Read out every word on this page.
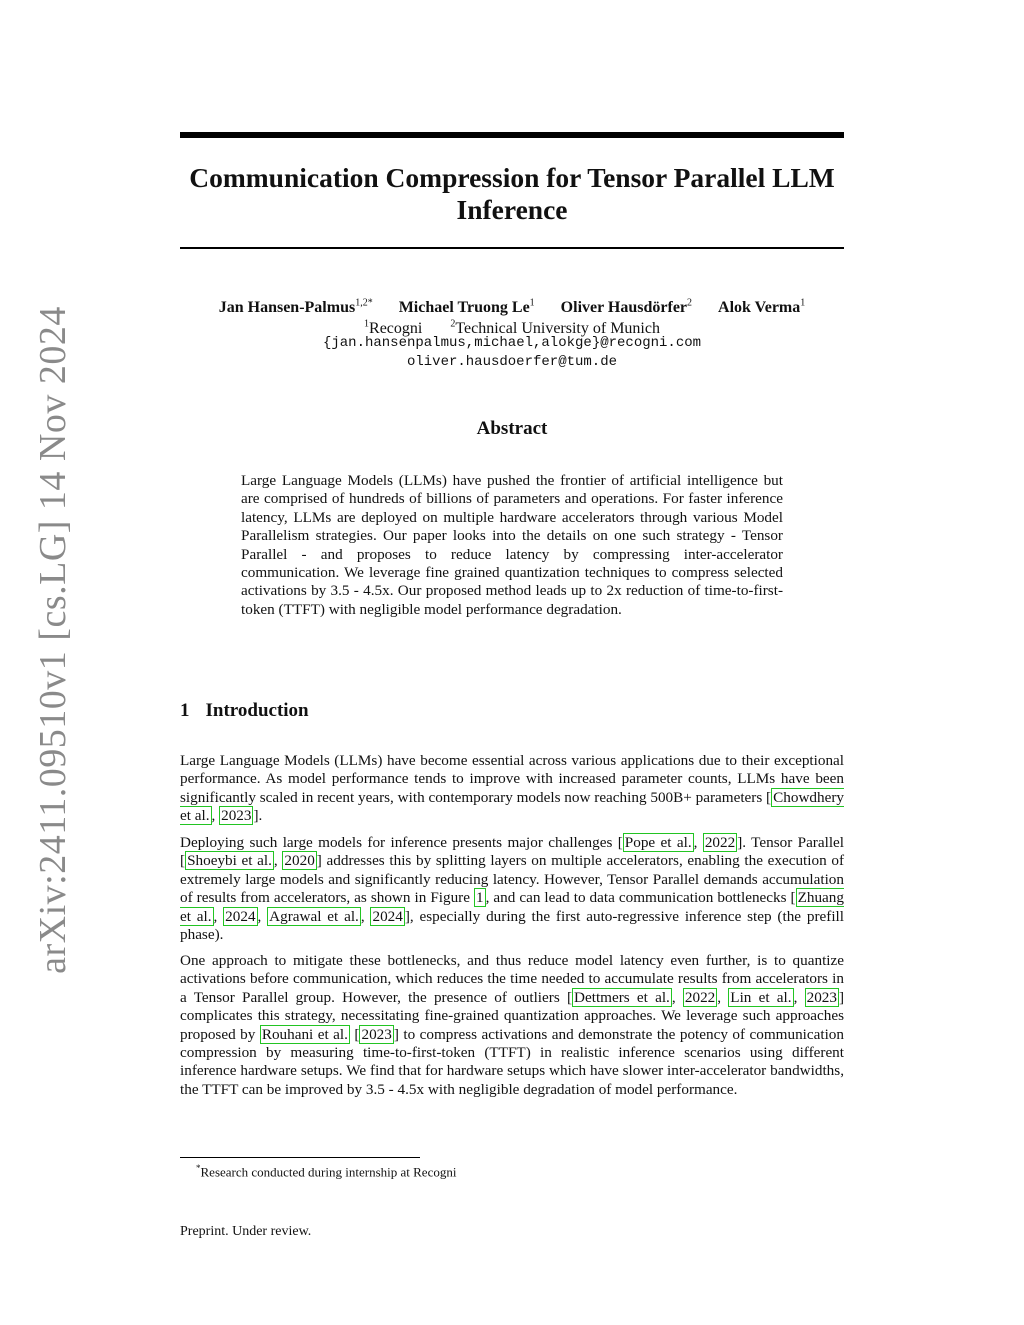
arXiv:2411.09510v1 [cs.LG] 14 Nov 2024
Communication Compression for Tensor Parallel LLM Inference
Jan Hansen-Palmus$^{1,2*}$ Michael Truong Le$^1$ Oliver Hausdörfer$^2$ Alok Verma$^1$
$^1$Recogni	$^2$Technical University of Munich
{jan.hansenpalmus,michael,alokge}@recogni.com
oliver.hausdoerfer@tum.de
Abstract
Large Language Models (LLMs) have pushed the frontier of artificial intelligence but are comprised of hundreds of billions of parameters and operations. For faster inference latency, LLMs are deployed on multiple hardware accelerators through various Model Parallelism strategies. Our paper looks into the details on one such strategy - Tensor Parallel - and proposes to reduce latency by compressing inter-accelerator communication. We leverage fine grained quantization techniques to compress selected activations by 3.5 - 4.5x. Our proposed method leads up to 2x reduction of time-to-first-token (TTFT) with negligible model performance degradation.
1 Introduction

Large Language Models (LLMs) have become essential across various applications due to their exceptional performance. As model performance tends to improve with increased parameter counts, LLMs have been significantly scaled in recent years, with contemporary models now reaching 500B+ parameters [ Chowdhery et al. , 2023 ].

Deploying such large models for inference presents major challenges [ Pope et al. , 2022 ]. Tensor Parallel [ Shoeybi et al. , 2020 ] addresses this by splitting layers on multiple accelerators, enabling the execution of extremely large models and significantly reducing latency. However, Tensor Parallel demands accumulation of results from accelerators, as shown in Figure 1 , and can lead to data communication bottlenecks [ Zhuang et al. , 2024 , Agrawal et al. , 2024 ], especially during the first auto-regressive inference step (the prefill phase).

One approach to mitigate these bottlenecks, and thus reduce model latency even further, is to quantize activations before communication, which reduces the time needed to accumulate results from accelerators in a Tensor Parallel group. However, the presence of outliers [ Dettmers et al. , 2022 , Lin et al. , 2023 ] complicates this strategy, necessitating fine-grained quantization approaches. We leverage such approaches proposed by Rouhani et al. [ 2023 ] to compress activations and demonstrate the potency of communication compression by measuring time-to-first-token (TTFT) in realistic inference scenarios using different inference hardware setups. We find that for hardware setups which have slower inter-accelerator bandwidths, the TTFT can be improved by 3.5 - 4.5x with negligible degradation of model performance.

*Research conducted during internship at Recogni
Preprint. Under review.
